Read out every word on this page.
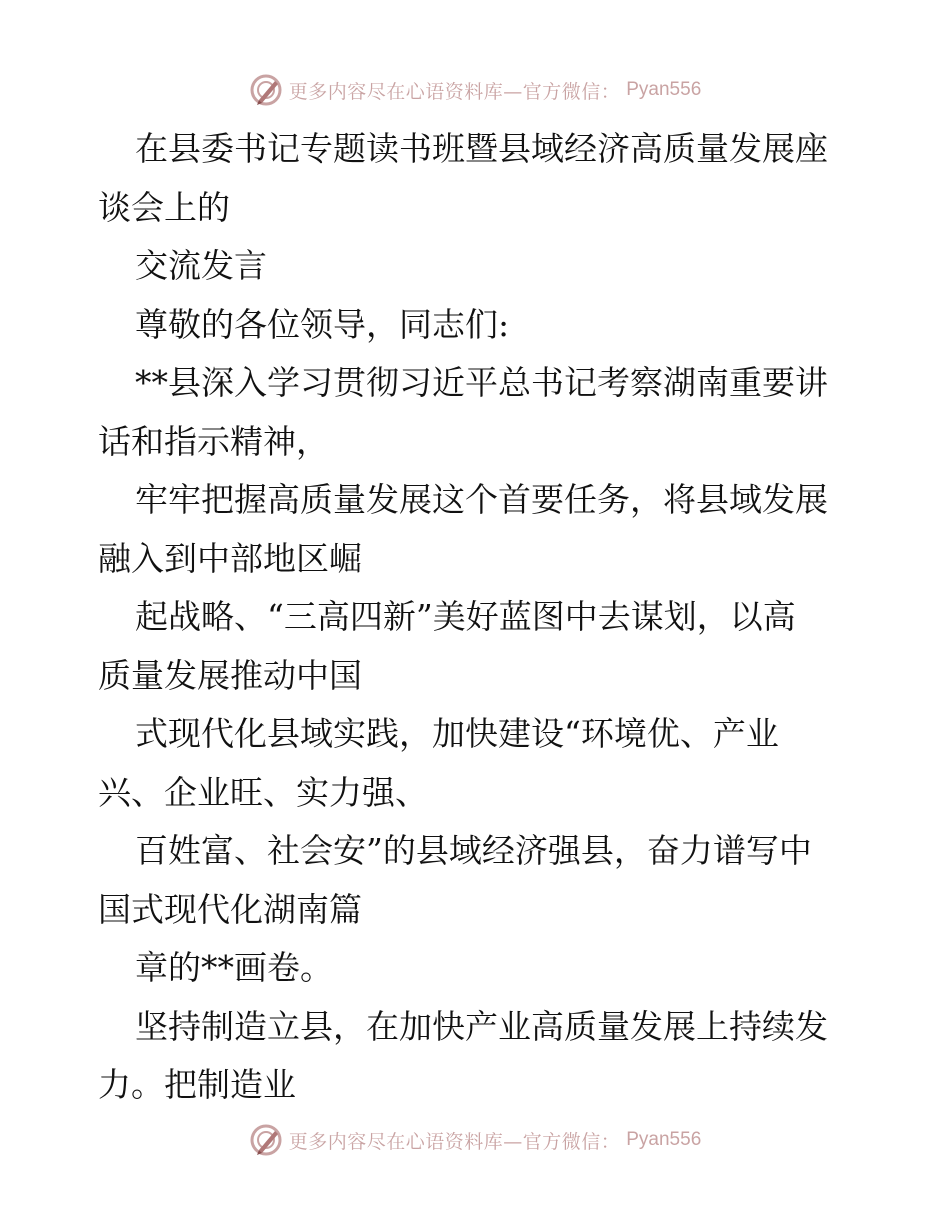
更多内容尽在心语资料库—官方微信： Pyan556
在县委书记专题读书班暨县域经济高质量发展座
谈会上的
交流发言
尊敬的各位领导，同志们:
**县深入学习贯彻习近平总书记考察湖南重要讲
话和指示精神，
牢牢把握高质量发展这个首要任务，将县域发展
融入到中部地区崛
起战略、“三高四新”美好蓝图中去谋划，以高
质量发展推动中国
式现代化县域实践，加快建设“环境优、产业
兴、企业旺、实力强、
百姓富、社会安”的县域经济强县，奋力谱写中
国式现代化湖南篇
章的**画卷。
坚持制造立县，在加快产业高质量发展上持续发
力。把制造业
更多内容尽在心语资料库—官方微信： Pyan556
